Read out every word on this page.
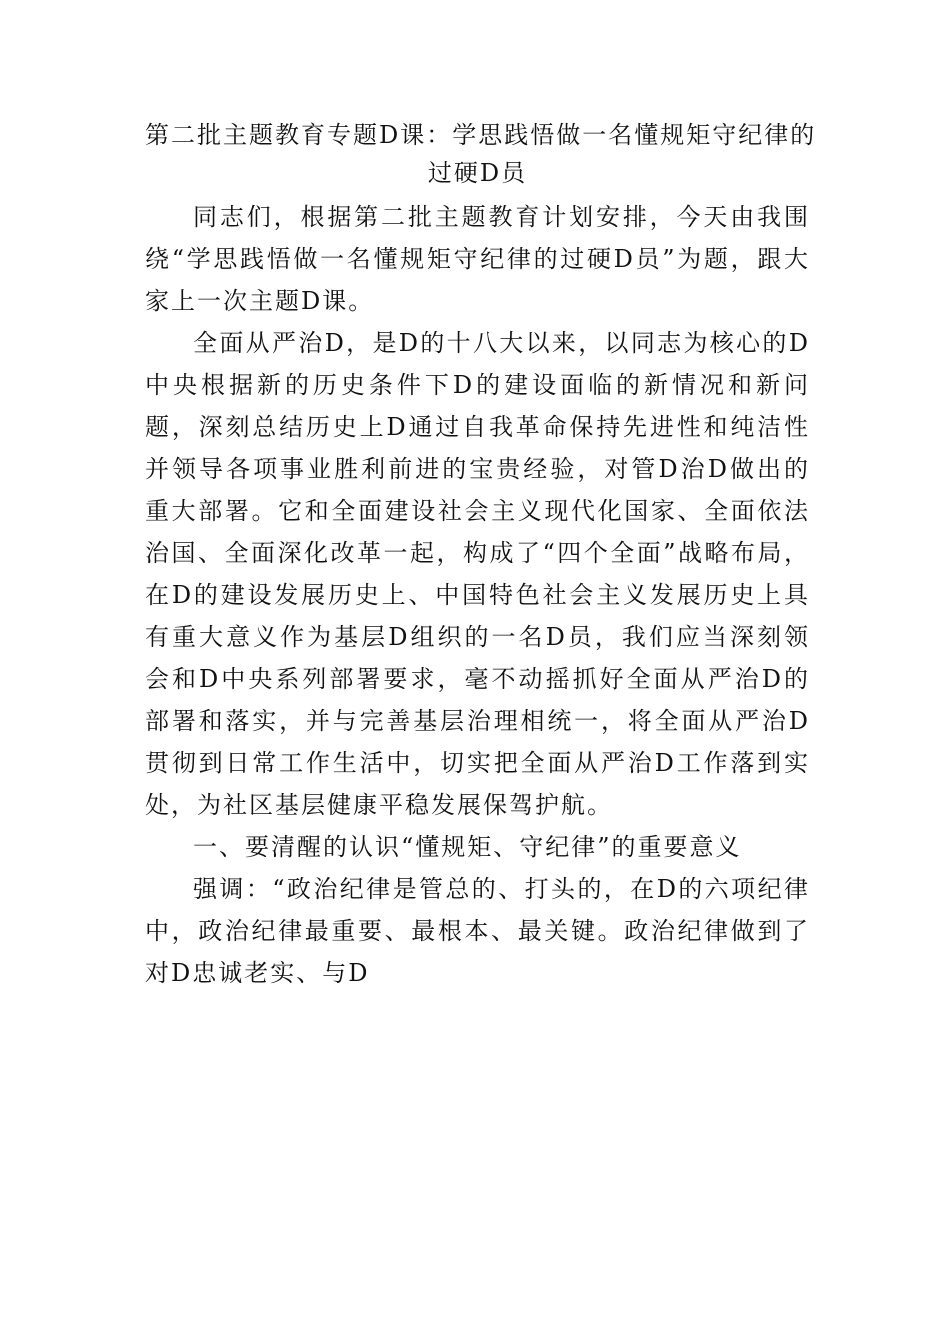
第二批主题教育专题D课：学思践悟做一名懂规矩守纪律的
过硬D员

同志们，根据第二批主题教育计划安排，今天由我围绕“学思践悟做一名懂规矩守纪律的过硬D员”为题，跟大家上一次主题D课。

全面从严治D，是D的十八大以来，以同志为核心的D中央根据新的历史条件下D的建设面临的新情况和新问题，深刻总结历史上D通过自我革命保持先进性和纯洁性并领导各项事业胜利前进的宝贵经验，对管D治D做出的重大部署。它和全面建设社会主义现代化国家、全面依法治国、全面深化改革一起，构成了“四个全面”战略布局，在D的建设发展历史上、中国特色社会主义发展历史上具有重大意义作为基层D组织的一名D员，我们应当深刻领会和D中央系列部署要求，毫不动摇抓好全面从严治D的部署和落实，并与完善基层治理相统一，将全面从严治D贯彻到日常工作生活中，切实把全面从严治D工作落到实处，为社区基层健康平稳发展保驾护航。

一、要清醒的认识“懂规矩、守纪律”的重要意义

强调：“政治纪律是管总的、打头的，在D的六项纪律中，政治纪律最重要、最根本、最关键。政治纪律做到了对D忠诚老实、与D
